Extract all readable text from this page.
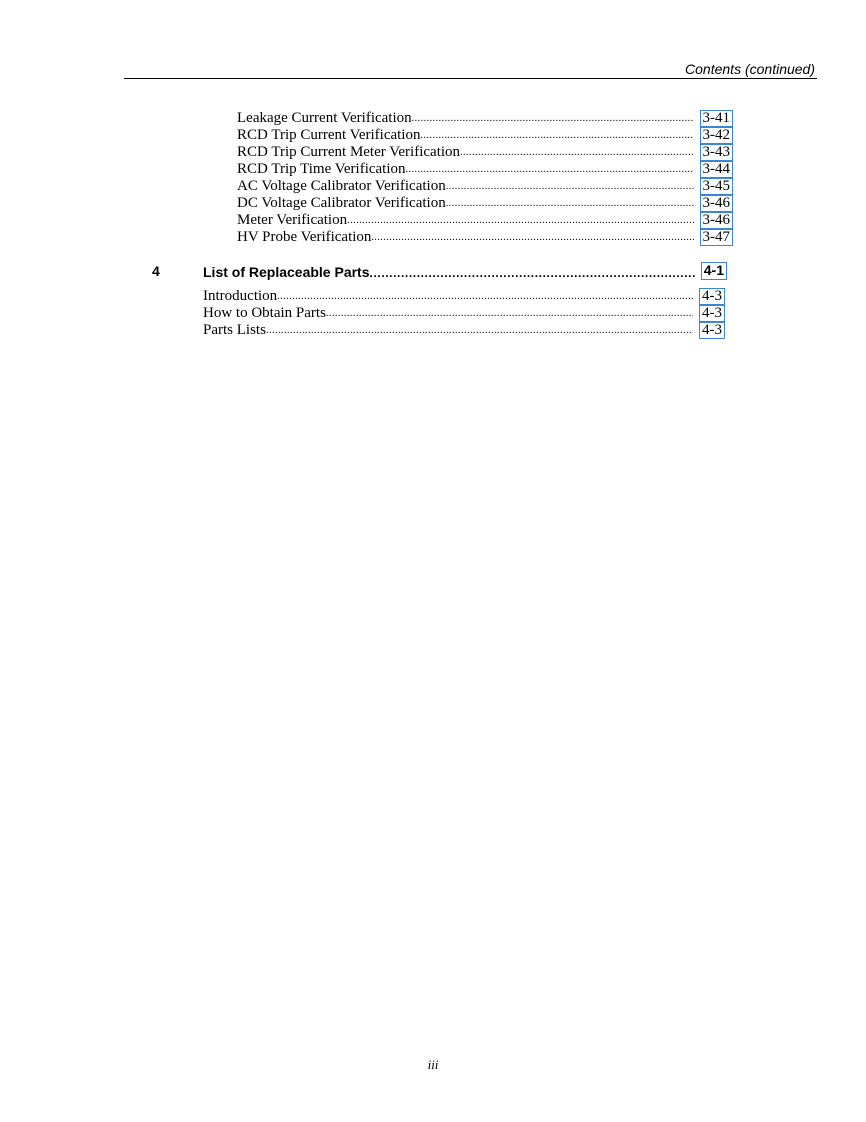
Contents (continued)
Leakage Current Verification .....	3-41
RCD Trip Current Verification .....	3-42
RCD Trip Current Meter Verification .....	3-43
RCD Trip Time Verification .....	3-44
AC Voltage Calibrator Verification .....	3-45
DC Voltage Calibrator Verification .....	3-46
Meter Verification .....	3-46
HV Probe Verification .....	3-47
4	List of Replaceable Parts .....	4-1
Introduction .....	4-3
How to Obtain Parts .....	4-3
Parts Lists .....	4-3
iii
